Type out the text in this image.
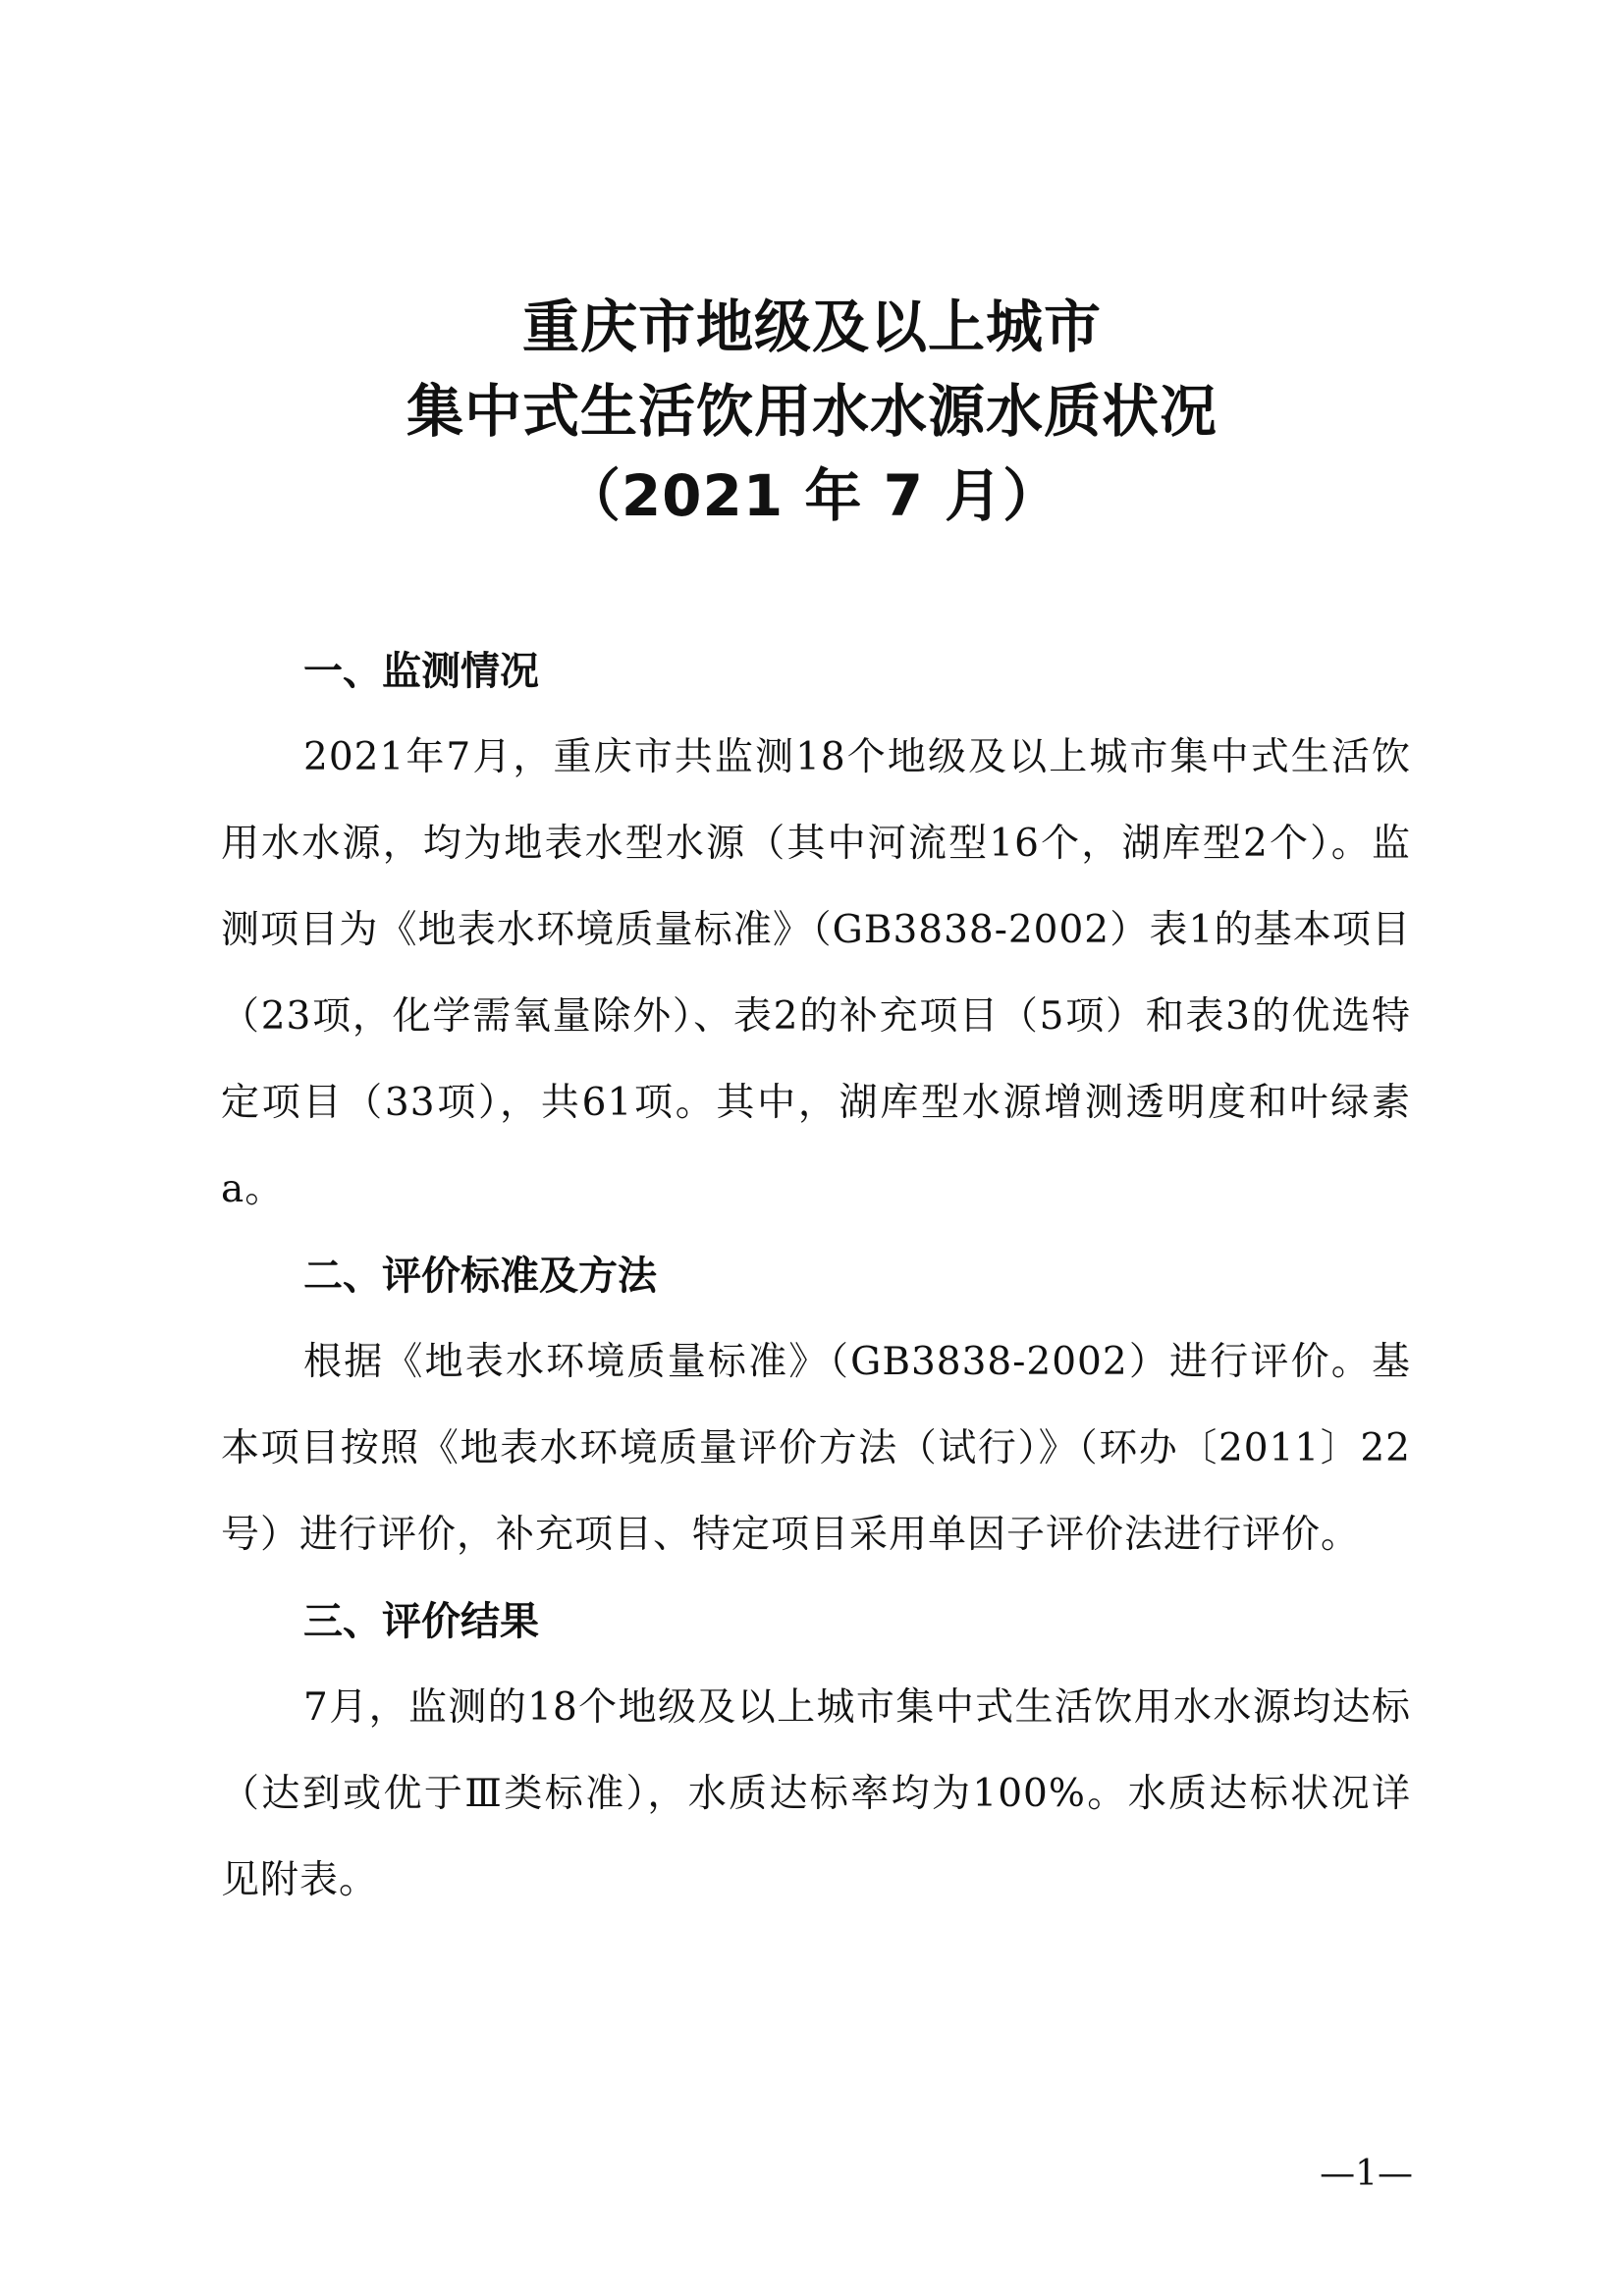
重庆市地级及以上城市
集中式生活饮用水水源水质状况
（2021 年 7 月）
一、监测情况

2021年7月，重庆市共监测18个地级及以上城市集中式生活饮用水水源，均为地表水型水源（其中河流型16个，湖库型2个）。监测项目为《地表水环境质量标准》（GB3838-2002）表1的基本项目（23项，化学需氧量除外）、表2的补充项目（5项）和表3的优选特定项目（33项），共61项。其中，湖库型水源增测透明度和叶绿素a。

二、评价标准及方法

根据《地表水环境质量标准》（GB3838-2002）进行评价。基本项目按照《地表水环境质量评价方法（试行）》（环办〔2011〕22号）进行评价，补充项目、特定项目采用单因子评价法进行评价。

三、评价结果

7月，监测的18个地级及以上城市集中式生活饮用水水源均达标（达到或优于Ⅲ类标准），水质达标率均为100%。水质达标状况详见附表。

—1—
